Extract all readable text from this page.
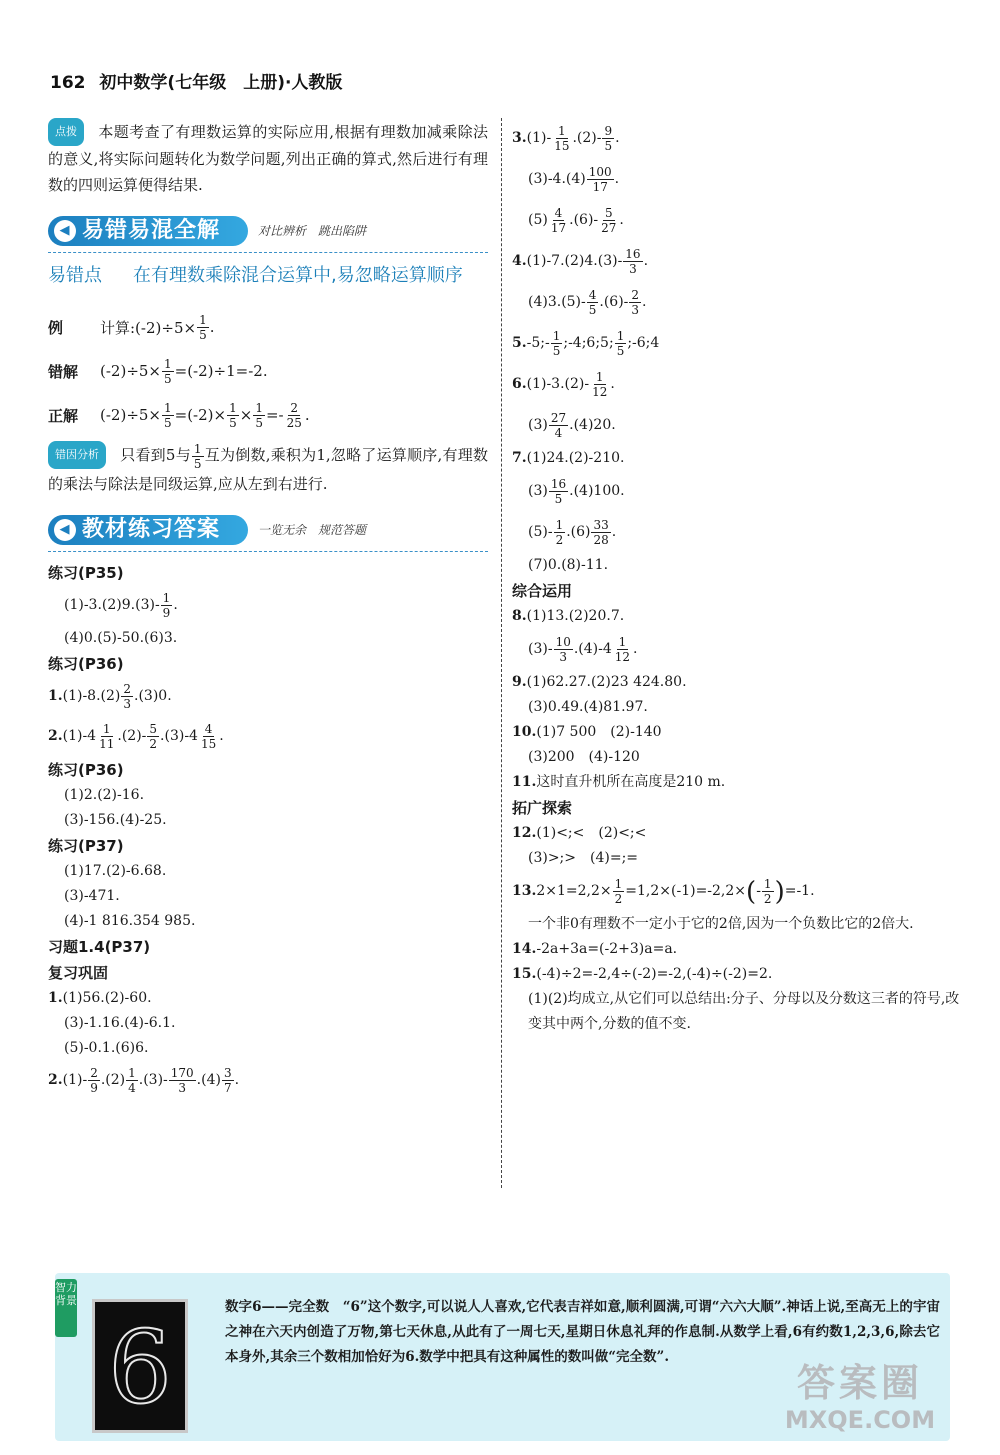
162 初中数学(七年级　上册)·人教版

点拨 本题考查了有理数运算的实际应用,根据有理数加减乘除法的意义,将实际问题转化为数学问题,列出正确的算式,然后进行有理数的四则运算便得结果.

◀ 易错易混全解	对比辨析　跳出陷阱
易错点	在有理数乘除混合运算中,易忽略运算顺序
例	计算:(-2)÷5× $\frac{1}{5}$ .
错解	$(-2)\div 5\times \frac{1}{5} =(-2)\div 1=-2$.
正解	$(-2)\div 5\times \frac{1}{5} =(-2)\times \frac{1}{5} \times \frac{1}{5} =- \frac{2}{25}$ .

错因分析 只看到5与 $\frac{1}{5}$ 互为倒数,乘积为1,忽略了运算顺序,有理数的乘法与除法是同级运算,应从左到右进行.

◀ 教材练习答案	一览无余　规范答题
练习(P35)
$(1)-3.(2)9.(3)- \frac{1}{9}$ .
(4)0.(5)-50.(6)3.
练习(P36)
1. $(1)-8.(2) \frac{2}{3} .(3)0$.
2. $(1)-4 \frac{1}{11} .(2)- \frac{5}{2} .(3)-4 \frac{4}{15}$ .
练习(P36)
(1)2.(2)-16.
(3)-156.(4)-25.
练习(P37)
(1)17.(2)-6.68.
(3)-471.
(4)-1 816.354 985.
习题1.4(P37)
复习巩固
1.(1)56.(2)-60.
(3)-1.16.(4)-6.1.
(5)-0.1.(6)6.
2. $(1)- \frac{2}{9} .(2) \frac{1}{4} .(3)- \frac{170}{3} .(4) \frac{3}{7}$ .
3. $(1)- \frac{1}{15} .(2)- \frac{9}{5}$ .
$(3)-4.(4) \frac{100}{17}$ .
$(5) \frac{4}{17} .(6)- \frac{5}{27}$ .
4. $(1)-7.(2)4.(3)- \frac{16}{3}$ .
$(4)3.(5)- \frac{4}{5} .(6)- \frac{2}{3}$ .
5. -5;- $\frac{1}{5}$ ;-4;6;5; $\frac{1}{5}$ ;-6;4
6. $(1)-3.(2)- \frac{1}{12}$ .
$(3) \frac{27}{4} .(4)20$.
7.(1)24.(2)-210.
$(3) \frac{16}{5} .(4)100$.
$(5)- \frac{1}{2} .(6) \frac{33}{28}$ .
(7)0.(8)-11.
综合运用
8.(1)13.(2)20.7.
$(3)- \frac{10}{3} .(4)-4 \frac{1}{12}$ .
9.(1)62.27.(2)23 424.80.
(3)0.49.(4)81.97.
10.(1)7 500　(2)-140
(3)200　(4)-120
11.这时直升机所在高度是210 m.
拓广探索
12.(1)<;<　(2)<;<
(3)>;>　(4)=;=
13. $2\times 1=2,2\times \frac{1}{2} =1,2\times(-1)=-2,2\times$ ( - $\frac{1}{2}$ ) =-1.
一个非0有理数不一定小于它的2倍,因为一个负数比它的2倍大.
14.-2a+3a=(-2+3)a=a.
15.(-4)÷2=-2,4÷(-2)=-2,(-4)÷(-2)=2.
(1)(2)均成立,从它们可以总结出:分子、分母以及分数这三者的符号,改变其中两个,分数的值不变.
智力背景
6
数字6——完全数　 “6”这个数字,可以说人人喜欢,它代表吉祥如意,顺利圆满,可谓“六六大顺”.神话上说,至高无上的宇宙之神在六天内创造了万物,第七天休息,从此有了一周七天,星期日休息礼拜的作息制.从数学上看,6有约数1,2,3,6,除去它本身外,其余三个数相加恰好为6.数学中把具有这种属性的数叫做“完全数”.
答案圈
MXQE.COM
